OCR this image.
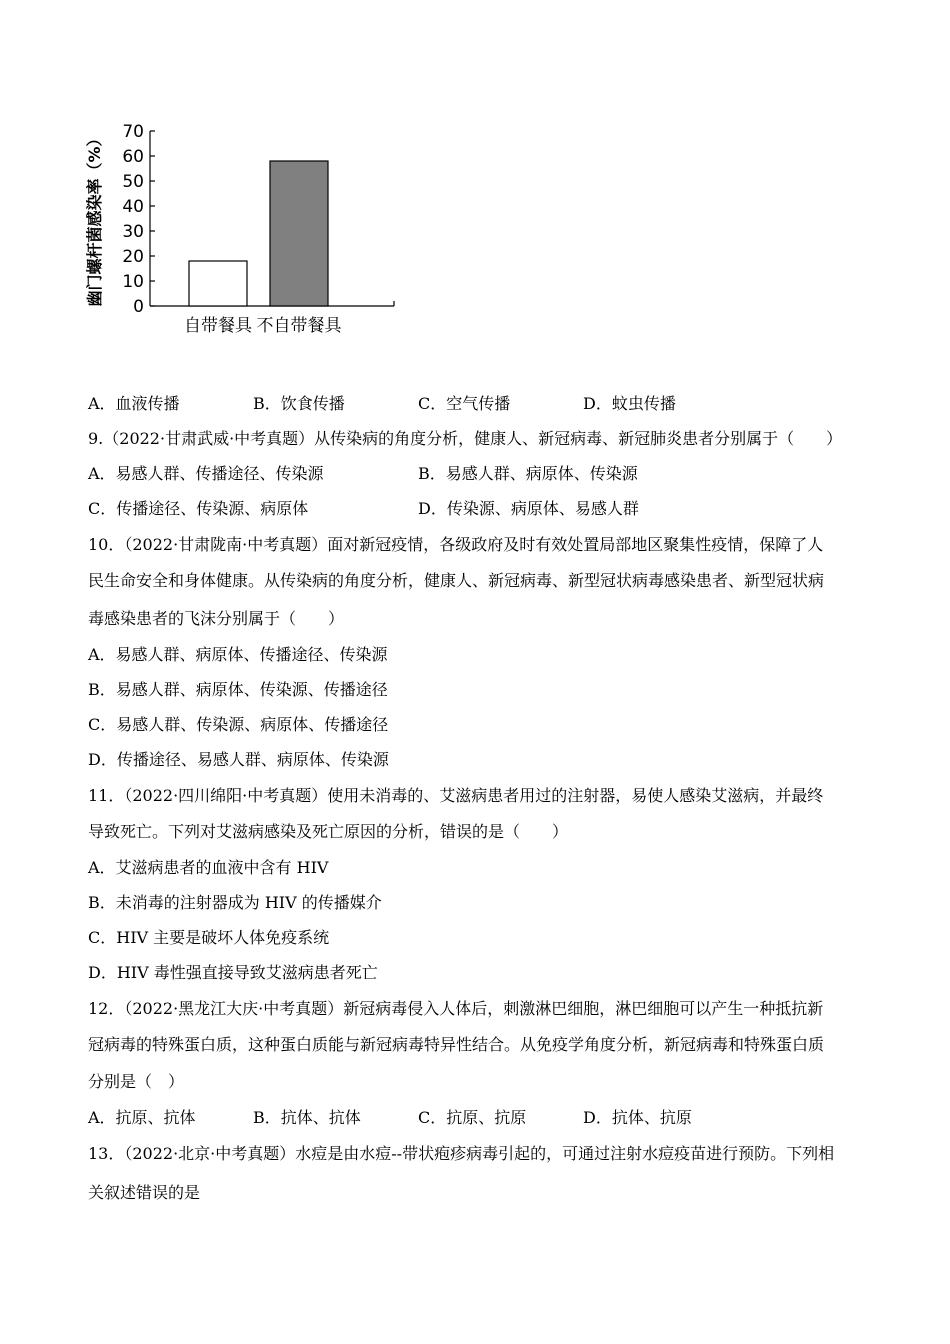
0
10
20
30
40
50
60
70
幽门螺杆菌感染率（%）
自带餐具 不自带餐具
A．血液传播	B．饮食传播	C．空气传播	D．蚊虫传播
9.（2022·甘肃武威·中考真题）从传染病的角度分析，健康人、新冠病毒、新冠肺炎患者分别属于（　　）
A．易感人群、传播途径、传染源	B．易感人群、病原体、传染源
C．传播途径、传染源、病原体	D．传染源、病原体、易感人群
10．（2022·甘肃陇南·中考真题）面对新冠疫情，各级政府及时有效处置局部地区聚集性疫情，保障了人
民生命安全和身体健康。从传染病的角度分析，健康人、新冠病毒、新型冠状病毒感染患者、新型冠状病
毒感染患者的飞沫分别属于（　　）
A．易感人群、病原体、传播途径、传染源
B．易感人群、病原体、传染源、传播途径
C．易感人群、传染源、病原体、传播途径
D．传播途径、易感人群、病原体、传染源
11．（2022·四川绵阳·中考真题）使用未消毒的、艾滋病患者用过的注射器，易使人感染艾滋病，并最终
导致死亡。下列对艾滋病感染及死亡原因的分析，错误的是（　　）
A．艾滋病患者的血液中含有 HIV
B．未消毒的注射器成为 HIV 的传播媒介
C．HIV 主要是破坏人体免疫系统
D．HIV 毒性强直接导致艾滋病患者死亡
12．（2022·黑龙江大庆·中考真题）新冠病毒侵入人体后，刺激淋巴细胞，淋巴细胞可以产生一种抵抗新
冠病毒的特殊蛋白质，这种蛋白质能与新冠病毒特异性结合。从免疫学角度分析，新冠病毒和特殊蛋白质
分别是（　）
A．抗原、抗体	B．抗体、抗体	C．抗原、抗原	D．抗体、抗原
13．（2022·北京·中考真题）水痘是由水痘--带状疱疹病毒引起的，可通过注射水痘疫苗进行预防。下列相
关叙述错误的是
